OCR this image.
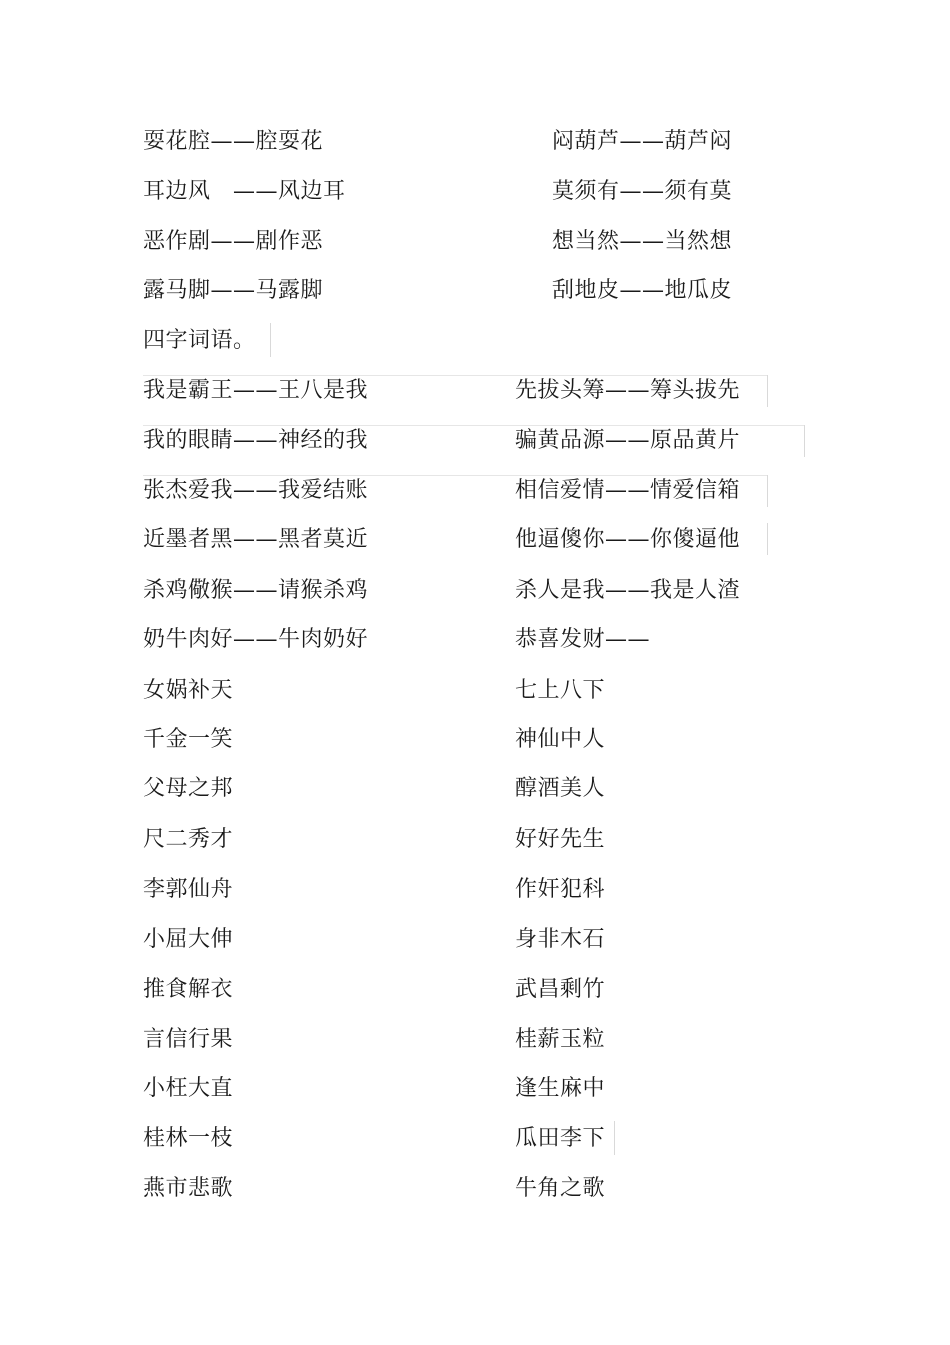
耍花腔——腔耍花	闷葫芦——葫芦闷
耳边风　——风边耳	莫须有——须有莫
恶作剧——剧作恶	想当然——当然想
露马脚——马露脚	刮地皮——地瓜皮
四字词语。
我是霸王——王八是我	先拔头筹——筹头拔先
我的眼睛——神经的我	骗黄品源——原品黄片
张杰爱我——我爱结账	相信爱情——情爱信箱
近墨者黑——黑者莫近	他逼傻你——你傻逼他
杀鸡儆猴——请猴杀鸡	杀人是我——我是人渣
奶牛肉好——牛肉奶好	恭喜发财——
女娲补天	七上八下
千金一笑	神仙中人
父母之邦	醇酒美人
尺二秀才	好好先生
李郭仙舟	作奸犯科
小屈大伸	身非木石
推食解衣	武昌剩竹
言信行果	桂薪玉粒
小枉大直	逢生麻中
桂林一枝	瓜田李下
燕市悲歌	牛角之歌
